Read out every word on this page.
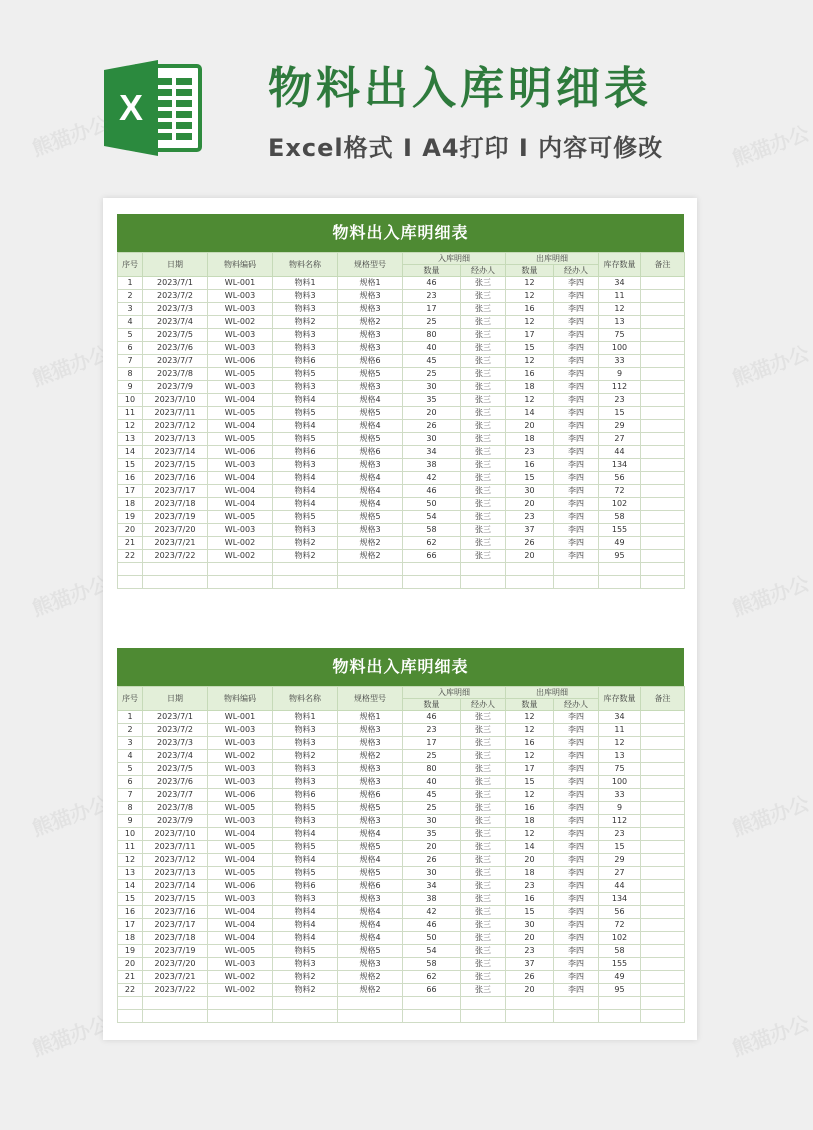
X	物料出入库明细表
Excel格式 I A4打印 I 内容可修改
熊猫办公	熊猫办公
熊猫办公	熊猫办公
熊猫办公	熊猫办公
熊猫办公	熊猫办公
熊猫办公	熊猫办公
物料出入库明细表
序号	日期	物料编码	物料名称	规格型号	入库明细		出库明细		库存数量	备注
					数量	经办人	数量	经办人		
1	2023/7/1	WL-001	物料1	规格1	46	张三	12	李四	34	
2	2023/7/2	WL-003	物料3	规格3	23	张三	12	李四	11	
3	2023/7/3	WL-003	物料3	规格3	17	张三	16	李四	12	
4	2023/7/4	WL-002	物料2	规格2	25	张三	12	李四	13	
5	2023/7/5	WL-003	物料3	规格3	80	张三	17	李四	75	
6	2023/7/6	WL-003	物料3	规格3	40	张三	15	李四	100	
7	2023/7/7	WL-006	物料6	规格6	45	张三	12	李四	33	
8	2023/7/8	WL-005	物料5	规格5	25	张三	16	李四	9	
9	2023/7/9	WL-003	物料3	规格3	30	张三	18	李四	112	
10	2023/7/10	WL-004	物料4	规格4	35	张三	12	李四	23	
11	2023/7/11	WL-005	物料5	规格5	20	张三	14	李四	15	
12	2023/7/12	WL-004	物料4	规格4	26	张三	20	李四	29	
13	2023/7/13	WL-005	物料5	规格5	30	张三	18	李四	27	
14	2023/7/14	WL-006	物料6	规格6	34	张三	23	李四	44	
15	2023/7/15	WL-003	物料3	规格3	38	张三	16	李四	134	
16	2023/7/16	WL-004	物料4	规格4	42	张三	15	李四	56	
17	2023/7/17	WL-004	物料4	规格4	46	张三	30	李四	72	
18	2023/7/18	WL-004	物料4	规格4	50	张三	20	李四	102	
19	2023/7/19	WL-005	物料5	规格5	54	张三	23	李四	58	
20	2023/7/20	WL-003	物料3	规格3	58	张三	37	李四	155	
21	2023/7/21	WL-002	物料2	规格2	62	张三	26	李四	49	
22	2023/7/22	WL-002	物料2	规格2	66	张三	20	李四	95	

物料出入库明细表
序号	日期	物料编码	物料名称	规格型号	入库明细		出库明细		库存数量	备注
					数量	经办人	数量	经办人		
1	2023/7/1	WL-001	物料1	规格1	46	张三	12	李四	34	
2	2023/7/2	WL-003	物料3	规格3	23	张三	12	李四	11	
3	2023/7/3	WL-003	物料3	规格3	17	张三	16	李四	12	
4	2023/7/4	WL-002	物料2	规格2	25	张三	12	李四	13	
5	2023/7/5	WL-003	物料3	规格3	80	张三	17	李四	75	
6	2023/7/6	WL-003	物料3	规格3	40	张三	15	李四	100	
7	2023/7/7	WL-006	物料6	规格6	45	张三	12	李四	33	
8	2023/7/8	WL-005	物料5	规格5	25	张三	16	李四	9	
9	2023/7/9	WL-003	物料3	规格3	30	张三	18	李四	112	
10	2023/7/10	WL-004	物料4	规格4	35	张三	12	李四	23	
11	2023/7/11	WL-005	物料5	规格5	20	张三	14	李四	15	
12	2023/7/12	WL-004	物料4	规格4	26	张三	20	李四	29	
13	2023/7/13	WL-005	物料5	规格5	30	张三	18	李四	27	
14	2023/7/14	WL-006	物料6	规格6	34	张三	23	李四	44	
15	2023/7/15	WL-003	物料3	规格3	38	张三	16	李四	134	
16	2023/7/16	WL-004	物料4	规格4	42	张三	15	李四	56	
17	2023/7/17	WL-004	物料4	规格4	46	张三	30	李四	72	
18	2023/7/18	WL-004	物料4	规格4	50	张三	20	李四	102	
19	2023/7/19	WL-005	物料5	规格5	54	张三	23	李四	58	
20	2023/7/20	WL-003	物料3	规格3	58	张三	37	李四	155	
21	2023/7/21	WL-002	物料2	规格2	62	张三	26	李四	49	
22	2023/7/22	WL-002	物料2	规格2	66	张三	20	李四	95	
